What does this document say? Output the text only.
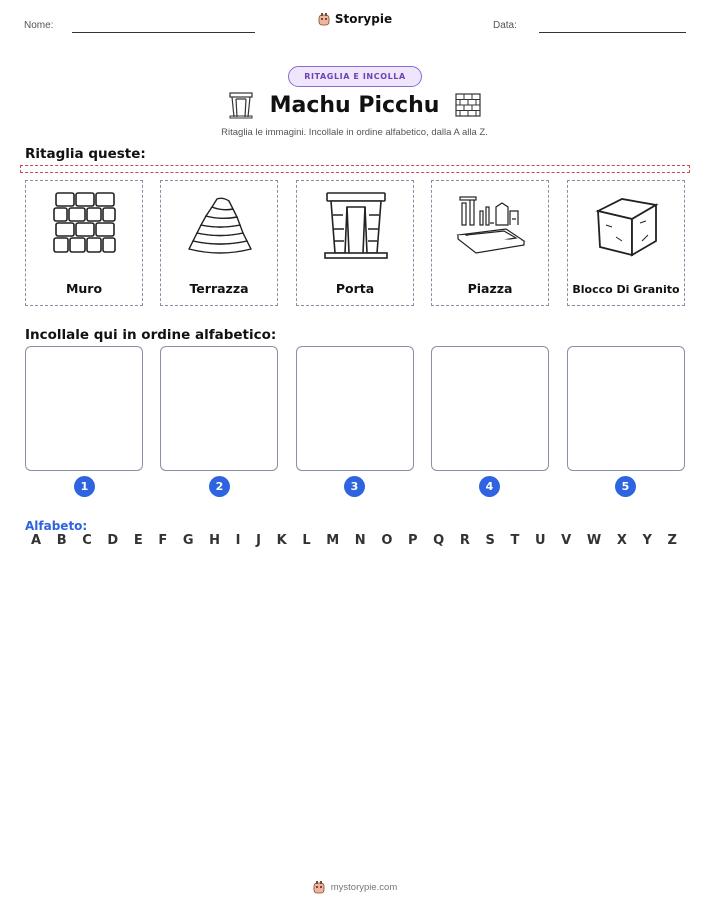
Nome:	Storypie	Data:
RITAGLIA E INCOLLA
Machu Picchu
Ritaglia le immagini. Incollale in ordine alfabetico, dalla A alla Z.
Ritaglia queste:
Muro	Terrazza	Porta	Piazza	Blocco Di Granito
Incollale qui in ordine alfabetico:
1	2	3	4	5
Alfabeto:
A B C D E F G H I J K L M N O P Q R S T U V W X Y Z
mystorypie.com
